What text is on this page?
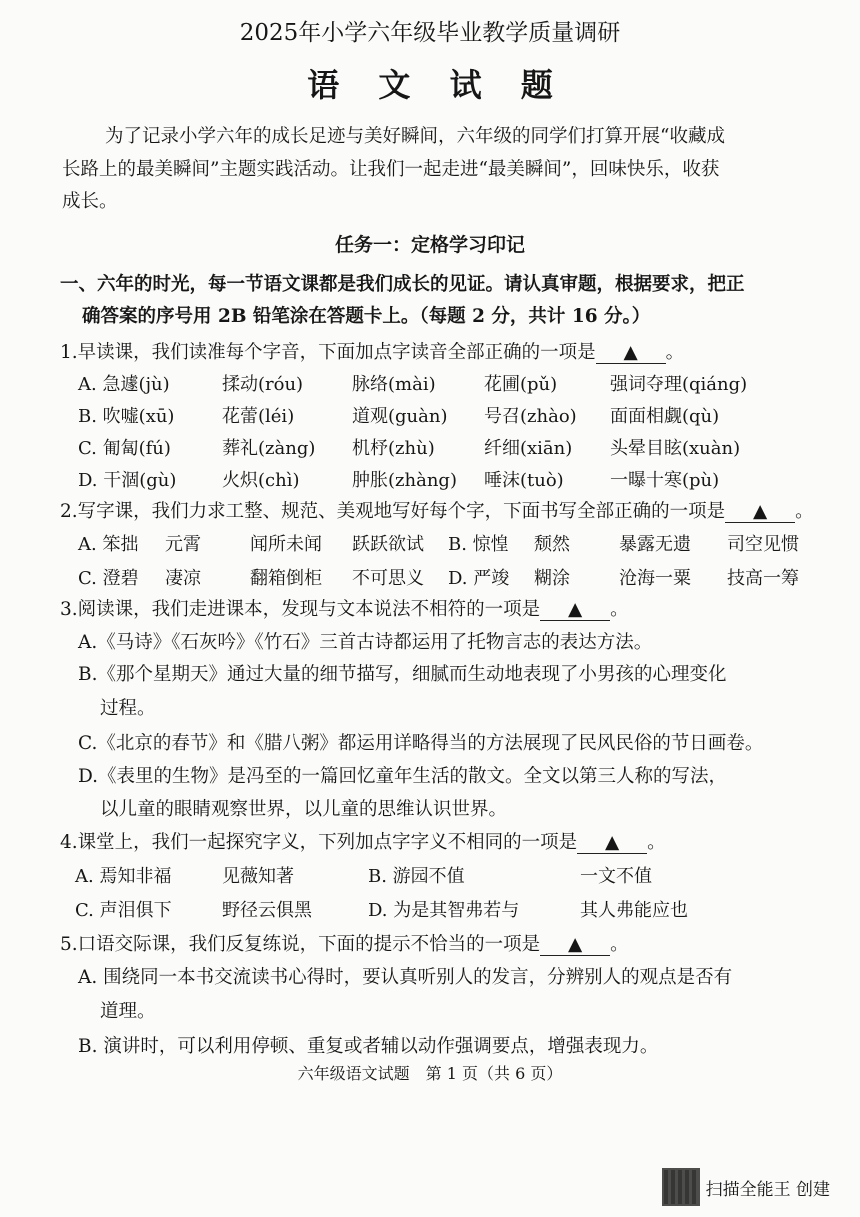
2025年小学六年级毕业教学质量调研
语 文 试 题
为了记录小学六年的成长足迹与美好瞬间，六年级的同学们打算开展“收藏成
长路上的最美瞬间”主题实践活动。让我们一起走进“最美瞬间”，回味快乐，收获
成长。
任务一：定格学习印记
一、六年的时光，每一节语文课都是我们成长的见证。请认真审题，根据要求，把正
确答案的序号用 2B 铅笔涂在答题卡上。（每题 2 分，共计 16 分。）
1.早读课，我们读准每个字音，下面加点字读音全部正确的一项是 ▲ 。
A. 急遽(jù)	揉动(róu)	脉络(mài)	花圃(pǔ)	强词夺理(qiáng)
B. 吹嘘(xū)	花蕾(léi)	道观(guàn) 号召(zhào) 面面相觑(qù)
C. 匍匐(fú)	葬礼(zàng) 机杼(zhù)	纤细(xiān) 头晕目眩(xuàn)
D. 干涸(gù)	火炽(chì)	肿胀(zhàng) 唾沫(tuò)	一曝十寒(pù)
2.写字课，我们力求工整、规范、美观地写好每个字，下面书写全部正确的一项是 ▲ 。
A. 笨拙 元霄	闻所未闻 跃跃欲试 B. 惊惶 颓然	暴露无遗 司空见惯
C. 澄碧 凄凉	翻箱倒柜 不可思义 D. 严竣 糊涂	沧海一粟 技高一筹
3.阅读课，我们走进课本，发现与文本说法不相符的一项是 ▲ 。
A.《马诗》《石灰吟》《竹石》三首古诗都运用了托物言志的表达方法。
B.《那个星期天》通过大量的细节描写，细腻而生动地表现了小男孩的心理变化
过程。
C.《北京的春节》和《腊八粥》都运用详略得当的方法展现了民风民俗的节日画卷。
D.《表里的生物》是冯至的一篇回忆童年生活的散文。全文以第三人称的写法，
以儿童的眼睛观察世界，以儿童的思维认识世界。
4.课堂上，我们一起探究字义，下列加点字字义不相同的一项是 ▲ 。
A. 焉知非福	见薇知著	B. 游园不值	一文不值
C. 声泪俱下	野径云俱黑	D. 为是其智弗若与	其人弗能应也
5.口语交际课，我们反复练说，下面的提示不恰当的一项是 ▲ 。
A. 围绕同一本书交流读书心得时，要认真听别人的发言，分辨别人的观点是否有
道理。
B. 演讲时，可以利用停顿、重复或者辅以动作强调要点，增强表现力。
六年级语文试题　第 1 页（共 6 页）
扫描全能王 创建
